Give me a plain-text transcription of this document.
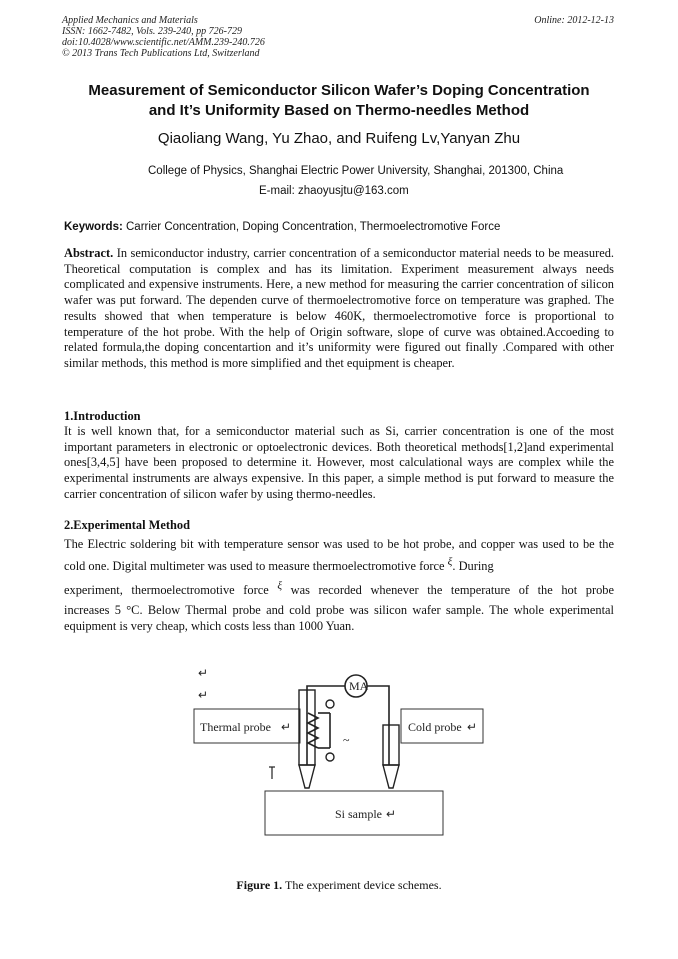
Applied Mechanics and Materials
ISSN: 1662-7482, Vols. 239-240, pp 726-729
doi:10.4028/www.scientific.net/AMM.239-240.726
© 2013 Trans Tech Publications Ltd, Switzerland
Online: 2012-12-13
Measurement of Semiconductor Silicon Wafer’s Doping Concentration
and It’s Uniformity Based on Thermo-needles Method
Qiaoliang Wang, Yu Zhao, and Ruifeng Lv,Yanyan Zhu
College of Physics, Shanghai Electric Power University, Shanghai, 201300, China
E-mail: zhaoyusjtu@163.com
Keywords: Carrier Concentration, Doping Concentration, Thermoelectromotive Force
Abstract. In semiconductor industry, carrier concentration of a semiconductor material needs to be measured. Theoretical computation is complex and has its limitation. Experiment measurement always needs complicated and expensive instruments. Here, a new method for measuring the carrier concentration of silicon wafer was put forward. The dependen curve of thermoelectromotive force on temperature was graphed. The results showed that when temperature is below 460K, thermoelectromotive force is proportional to temperature of the hot probe. With the help of Origin software, slope of curve was obtained.Accoeding to related formula,the doping concentartion and it’s uniformity were figured out finally .Compared with other similar methods, this method is more simplified and thet equipment is cheaper.
1.Introduction
It is well known that, for a semiconductor material such as Si, carrier concentration is one of the most important parameters in electronic or optoelectronic devices. Both theoretical methods[1,2]and experimental ones[3,4,5] have been proposed to determine it. However, most calculational ways are complex while the experimental instruments are always expensive. In this paper, a simple method is put forward to measure the carrier concentration of silicon wafer by using thermo-needles.
2.Experimental Method
The Electric soldering bit with temperature sensor was used to be hot probe, and copper was used to be the cold one. Digital multimeter was used to measure thermoelectromotive force ξ. During
experiment, thermoelectromotive force ξ was recorded whenever the temperature of the hot probe
increases 5 °C. Below Thermal probe and cold probe was silicon wafer sample. The whole experimental equipment is very cheap, which costs less than 1000 Yuan.
↵
↵
Thermal probe ↵	Cold probe ↵
MA
~
Si sample ↵
Figure 1. The experiment device schemes.
